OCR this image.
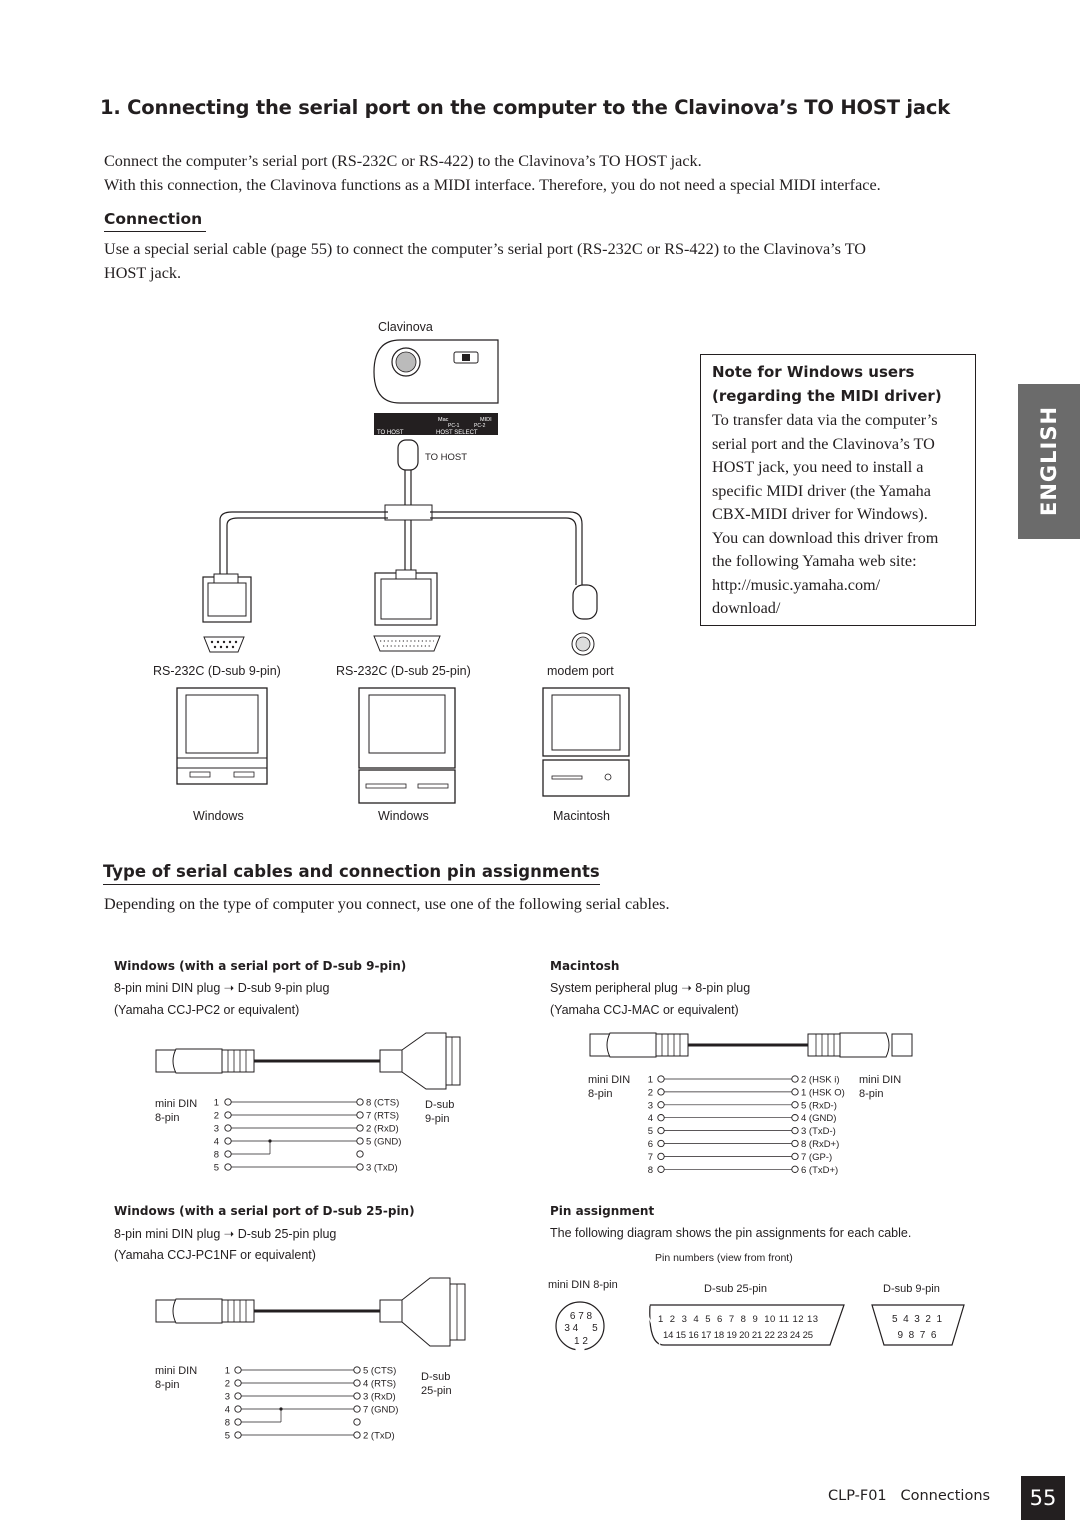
1. Connecting the serial port on the computer to the Clavinova’s TO HOST jack
Connect the computer’s serial port (RS-232C or RS-422) to the Clavinova’s TO HOST jack.
With this connection, the Clavinova functions as a MIDI interface. Therefore, you do not need a special MIDI interface.
Connection
Use a special serial cable (page 55) to connect the computer’s serial port (RS-232C or RS-422) to the Clavinova’s TO
HOST jack.
Clavinova
Mac
PC-1
MIDI
PC-2
TO HOST	HOST SELECT
TO HOST
RS-232C (D-sub 9-pin)	RS-232C (D-sub 25-pin)	modem port
Windows	Windows	Macintosh
Note for Windows users
(regarding the MIDI driver)
To transfer data via the computer’s
serial port and the Clavinova’s TO
HOST jack, you need to install a
specific MIDI driver (the Yamaha
CBX-MIDI driver for Windows).
You can download this driver from
the following Yamaha web site:
http://music.yamaha.com/
download/
ENGLISH
Type of serial cables and connection pin assignments
Depending on the type of computer you connect, use one of the following serial cables.
Windows (with a serial port of D-sub 9-pin)
8-pin mini DIN plug ➝ D-sub 9-pin plug
(Yamaha CCJ-PC2 or equivalent)
mini DIN
8-pin
D-sub
9-pin
1	8 (CTS)
2	7 (RTS)
3	2 (RxD)
4	5 (GND)
8
5	3 (TxD)
Windows (with a serial port of D-sub 25-pin)
8-pin mini DIN plug ➝ D-sub 25-pin plug
(Yamaha CCJ-PC1NF or equivalent)
mini DIN
8-pin
D-sub
25-pin
1	5 (CTS)
2	4 (RTS)
3	3 (RxD)
4	7 (GND)
8
5	2 (TxD)
Macintosh
System peripheral plug ➝ 8-pin plug
(Yamaha CCJ-MAC or equivalent)
mini DIN
8-pin
mini DIN
8-pin
1	2 (HSK i)
2	1 (HSK O)
3	5 (RxD-)
4	4 (GND)
5	3 (TxD-)
6	8 (RxD+)
7	7 (GP-)
8	6 (TxD+)
Pin assignment
The following diagram shows the pin assignments for each cable.
Pin numbers (view from front)
mini DIN 8-pin	D-sub 25-pin	D-sub 9-pin
6 7 8
3 4     5
1 2
1  2  3  4  5  6  7  8  9  10 11 12 13
14 15 16 17 18 19 20 21 22 23 24 25
5  4  3  2  1
9  8  7  6
CLP-F01   Connections	55
